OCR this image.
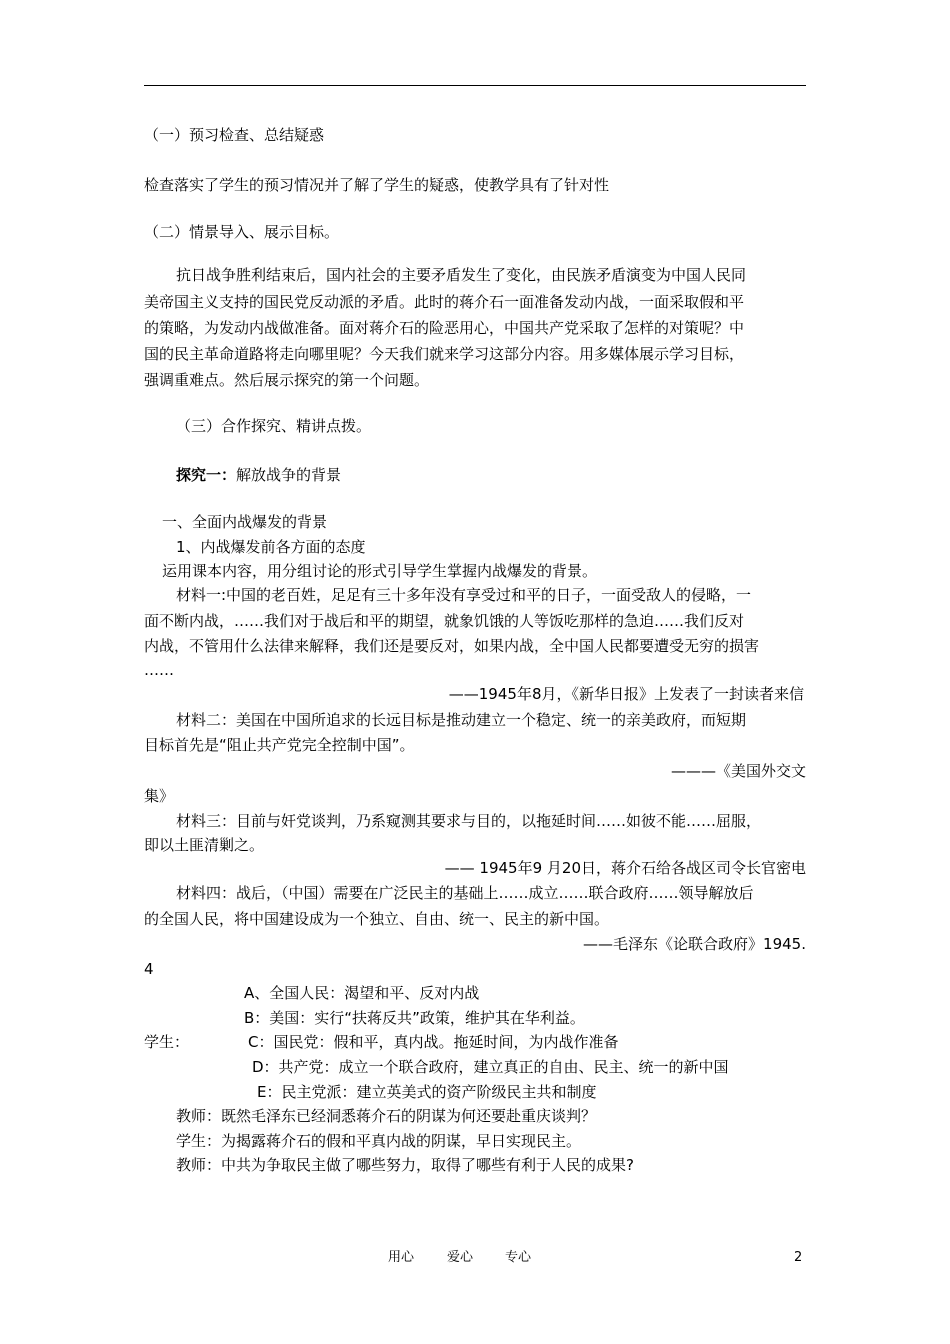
（一）预习检查、总结疑惑
检查落实了学生的预习情况并了解了学生的疑惑，使教学具有了针对性
（二）情景导入、展示目标。
抗日战争胜利结束后，国内社会的主要矛盾发生了变化，由民族矛盾演变为中国人民同
美帝国主义支持的国民党反动派的矛盾。此时的蒋介石一面准备发动内战，一面采取假和平
的策略，为发动内战做准备。面对蒋介石的险恶用心，中国共产党采取了怎样的对策呢？中
国的民主革命道路将走向哪里呢？今天我们就来学习这部分内容。用多媒体展示学习目标，
强调重难点。然后展示探究的第一个问题。
（三）合作探究、精讲点拨。
探究一：解放战争的背景
一、全面内战爆发的背景
1、内战爆发前各方面的态度
运用课本内容，用分组讨论的形式引导学生掌握内战爆发的背景。
材料一:中国的老百姓，足足有三十多年没有享受过和平的日子，一面受敌人的侵略，一
面不断内战，……我们对于战后和平的期望，就象饥饿的人等饭吃那样的急迫……我们反对
内战，不管用什么法律来解释，我们还是要反对，如果内战，全中国人民都要遭受无穷的损害
……
——1945年8月，《新华日报》上发表了一封读者来信
材料二：美国在中国所追求的长远目标是推动建立一个稳定、统一的亲美政府，而短期
目标首先是“阻止共产党完全控制中国”。
———《美国外交文
集》
材料三：目前与奸党谈判，乃系窥测其要求与目的，以拖延时间……如彼不能……屈服，
即以土匪清剿之。
—— 1945年9 月20日，蒋介石给各战区司令长官密电
材料四：战后，（中国）需要在广泛民主的基础上……成立……联合政府……领导解放后
的全国人民，将中国建设成为一个独立、自由、统一、民主的新中国。
——毛泽东《论联合政府》1945.
4
A、全国人民：渴望和平、反对内战
B：美国：实行“扶蒋反共”政策，维护其在华利益。
学生：	C：国民党：假和平，真内战。拖延时间，为内战作准备
D：共产党：成立一个联合政府，建立真正的自由、民主、统一的新中国
E：民主党派：建立英美式的资产阶级民主共和制度
教师：既然毛泽东已经洞悉蒋介石的阴谋为何还要赴重庆谈判？
学生：为揭露蒋介石的假和平真内战的阴谋，早日实现民主。
教师：中共为争取民主做了哪些努力，取得了哪些有利于人民的成果?
用心	爱心 专心	2
